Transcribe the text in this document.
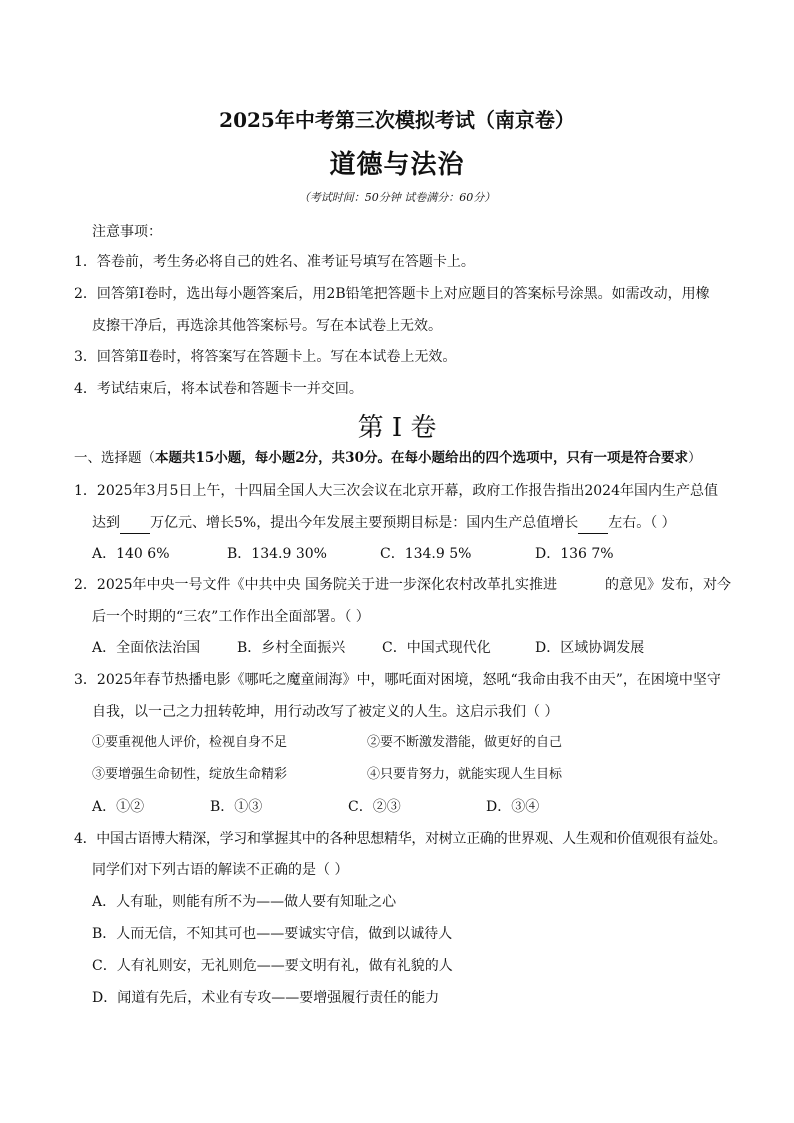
2025年中考第三次模拟考试（南京卷）
道德与法治
（考试时间：50分钟 试卷满分：60分）
注意事项：
1．答卷前，考生务必将自己的姓名、准考证号填写在答题卡上。
2．回答第Ⅰ卷时，选出每小题答案后，用2B铅笔把答题卡上对应题目的答案标号涂黑。如需改动，用橡
皮擦干净后，再选涂其他答案标号。写在本试卷上无效。
3．回答第Ⅱ卷时，将答案写在答题卡上。写在本试卷上无效。
4．考试结束后，将本试卷和答题卡一并交回。
第 I 卷
一、选择题（本题共15小题，每小题2分，共30分。在每小题给出的四个选项中，只有一项是符合要求）
1．2025年3月5日上午，十四届全国人大三次会议在北京开幕，政府工作报告指出2024年国内生产总值
达到 万亿元、增长5%，提出今年发展主要预期目标是：国内生产总值增长 左右。（ ）
A．140 6%	B．134.9 30%	C．134.9 5%	D．136 7%
2．2025年中央一号文件《中共中央 国务院关于进一步深化农村改革扎实推进	的意见》发布，对今
后一个时期的“三农”工作作出全面部署。（ ）
A．全面依法治国	B．乡村全面振兴	C．中国式现代化	D．区域协调发展
3．2025年春节热播电影《哪吒之魔童闹海》中，哪吒面对困境，怒吼“我命由我不由天”，在困境中坚守
自我，以一己之力扭转乾坤，用行动改写了被定义的人生。这启示我们（ ）
①要重视他人评价，检视自身不足	②要不断激发潜能，做更好的自己
③要增强生命韧性，绽放生命精彩	④只要肯努力，就能实现人生目标
A．①②	B．①③	C．②③	D．③④
4．中国古语博大精深，学习和掌握其中的各种思想精华，对树立正确的世界观、人生观和价值观很有益处。
同学们对下列古语的解读不正确的是（ ）
A．人有耻，则能有所不为——做人要有知耻之心
B．人而无信，不知其可也——要诚实守信，做到以诚待人
C．人有礼则安，无礼则危——要文明有礼，做有礼貌的人
D．闻道有先后，术业有专攻——要增强履行责任的能力
